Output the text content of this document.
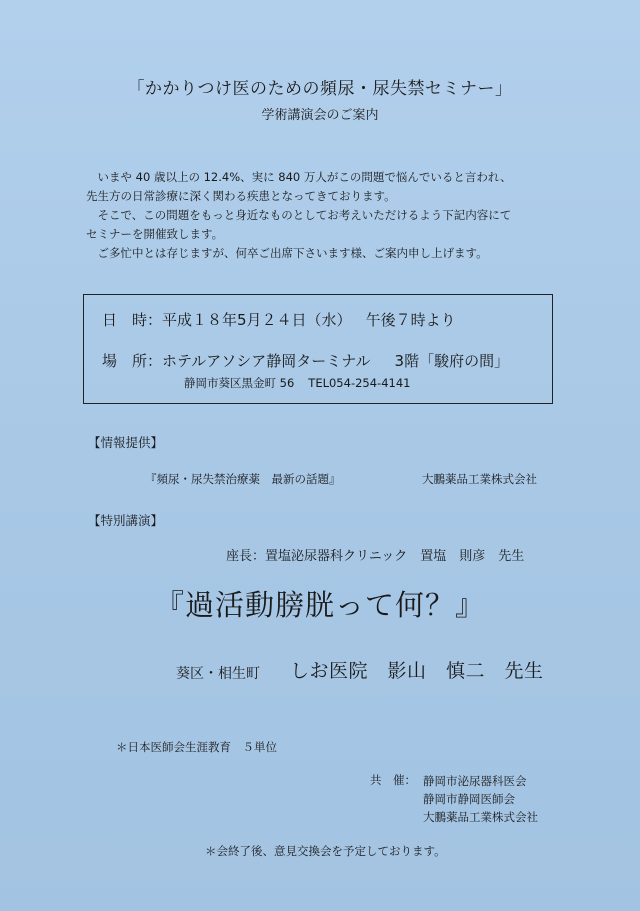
「かかりつけ医のための頻尿・尿失禁セミナー」
学術講演会のご案内

　いまや 40 歳以上の 12.4%、実に 840 万人がこの問題で悩んでいると言われ、

先生方の日常診療に深く関わる疾患となってきております。

　そこで、この問題をもっと身近なものとしてお考えいただけるよう下記内容にて

セミナーを開催致します。

　ご多忙中とは存じますが、何卒ご出席下さいます様、ご案内申し上げます。

日　時：平成１８年5月２４日（水） 午後７時より
場　所：ホテルアソシア静岡ターミナル 3階「駿府の間」
静岡市葵区黒金町 56 TEL054-254-4141
【情報提供】
『頻尿・尿失禁治療薬　最新の話題』	大鵬薬品工業株式会社
【特別講演】
座長：置塩泌尿器科クリニック　置塩　則彦　先生
『過活動膀胱って何？』
葵区・相生町 しお医院　影山　慎二　先生
＊日本医師会生涯教育　５単位
共　催： 静岡市泌尿器科医会
静岡市静岡医師会
大鵬薬品工業株式会社
＊会終了後、意見交換会を予定しております。
